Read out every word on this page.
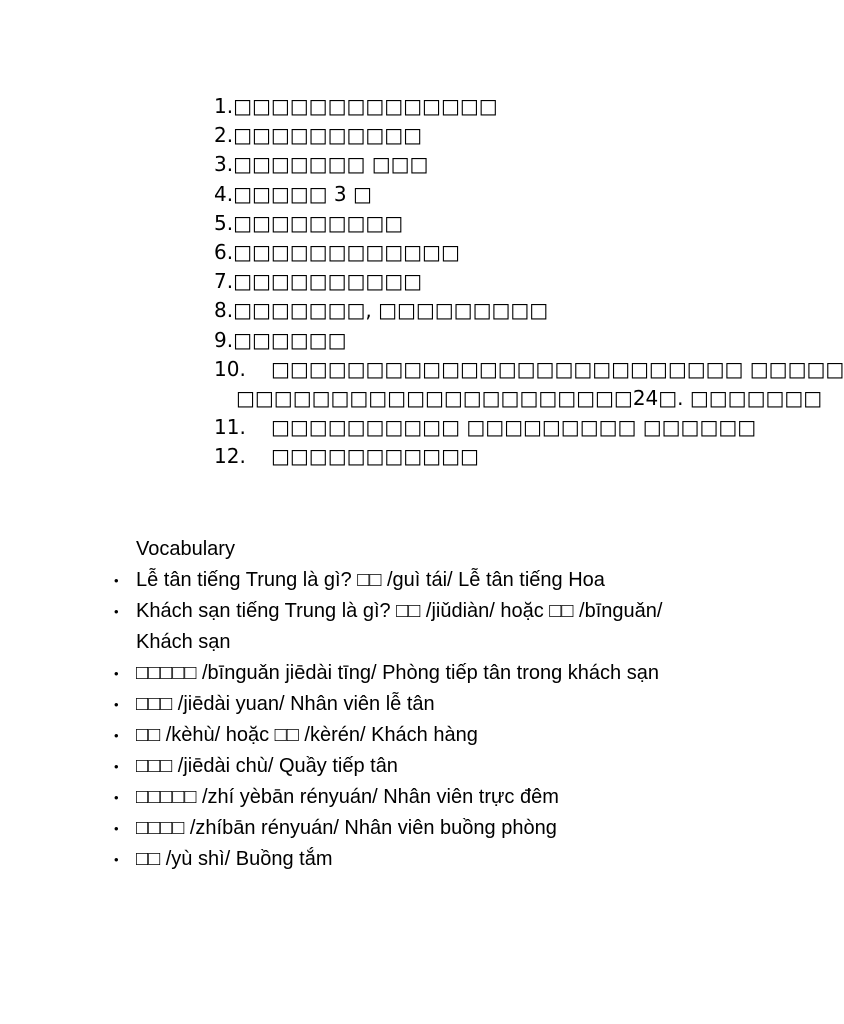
1.□□□□□□□□□□□□□□
2.□□□□□□□□□□
3.□□□□□□□ □□□
4.□□□□□ 3 □
5.□□□□□□□□□
6.□□□□□□□□□□□□
7.□□□□□□□□□□
8.□□□□□□□, □□□□□□□□□
9.□□□□□□
10. □□□□□□□□□□□□□□□□□□□□□□□□□ □□□□□
□□□□□□□□□□□□□□□□□□□□□24□. □□□□□□□
11. □□□□□□□□□□ □□□□□□□□□ □□□□□□
12. □□□□□□□□□□□
Vocabulary
• Lễ tân tiếng Trung là gì? □□ /guì tái/ Lễ tân tiếng Hoa
• Khách sạn tiếng Trung là gì? □□ /jiǔdiàn/ hoặc □□ /bīnguǎn/ Khách sạn
• □□□□□ /bīnguǎn jiēdài tīng/ Phòng tiếp tân trong khách sạn
• □□□ /jiēdài yuan/ Nhân viên lễ tân
• □□ /kèhù/ hoặc □□ /kèrén/ Khách hàng
• □□□ /jiēdài chù/ Quầy tiếp tân
• □□□□□ /zhí yèbān rényuán/ Nhân viên trực đêm
• □□□□ /zhíbān rényuán/ Nhân viên buồng phòng
• □□ /yù shì/ Buồng tắm
